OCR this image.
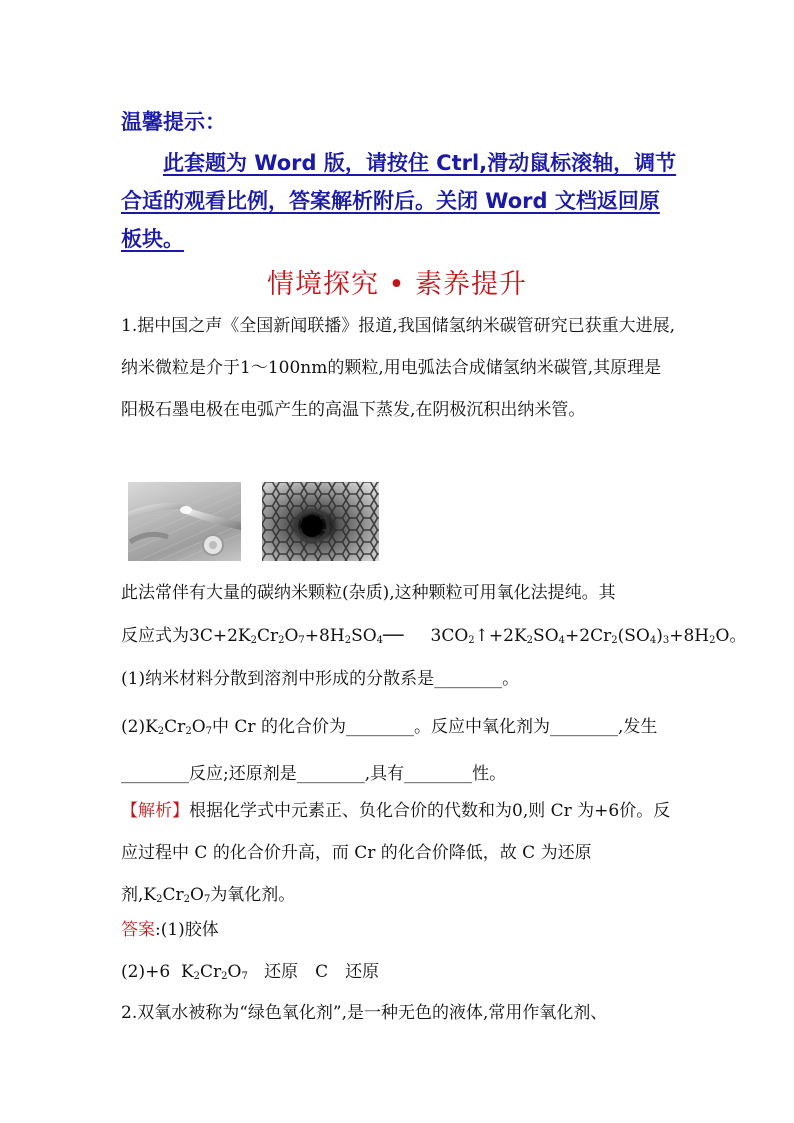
温馨提示：
此套题为 Word 版，请按住 Ctrl,滑动鼠标滚轴，调节合适的观看比例，答案解析附后。关闭 Word 文档返回原板块。
情境探究 • 素养提升
1.据中国之声《全国新闻联播》报道,我国储氢纳米碳管研究已获重大进展,纳米微粒是介于1～100nm的颗粒,用电弧法合成储氢纳米碳管,其原理是阳极石墨电极在电弧产生的高温下蒸发,在阴极沉积出纳米管。
此法常伴有大量的碳纳米颗粒(杂质),这种颗粒可用氧化法提纯。其
反应式为$3C+2K_2Cr_2O_7+8H_2SO_4──$     $3CO_2↑+2K_2SO_4+2Cr_2(SO_4)_3+8H_2O$。
(1)纳米材料分散到溶剂中形成的分散系是________。
$(2)K_2Cr_2O_7$中 Cr 的化合价为________。反应中氧化剂为________,发生________反应;还原剂是________,具有________性。
【解析】根据化学式中元素正、负化合价的代数和为0,则 Cr 为+6价。反应过程中 C 的化合价升高，而 Cr 的化合价降低，故 C 为还原剂$,K_2Cr_2O_7$为氧化剂。
答案:(1)胶体
(2)+6  $K_2Cr_2O_7$ 还原　C　还原
2.双氧水被称为“绿色氧化剂”,是一种无色的液体,常用作氧化剂、
